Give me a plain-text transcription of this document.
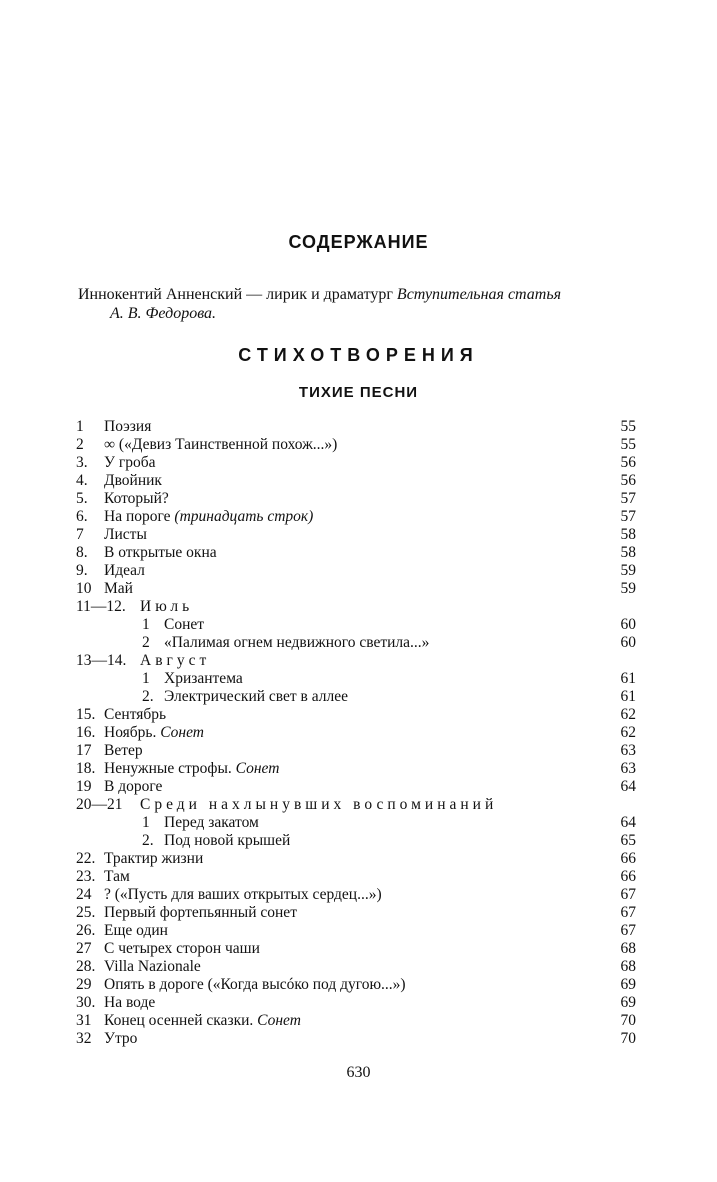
СОДЕРЖАНИЕ
Иннокентий Анненский — лирик и драматург Вступительная статья
А. В. Федорова.
СТИХОТВОРЕНИЯ
ТИХИЕ ПЕСНИ
1 Поэзия	55
2 ∞ («Девиз Таинственной похож...»)	55
3. У гроба	56
4. Двойник	56
5. Который?	57
6. На пороге (тринадцать строк)	57
7 Листы	58
8. В открытые окна	58
9. Идеал	59
10 Май	59
11—12. Июль
1 Сонет	60
2 «Палимая огнем недвижного светила...»	60
13—14. Август
1 Хризантема	61
2. Электрический свет в аллее	61
15. Сентябрь	62
16. Ноябрь. Сонет	62
17 Ветер	63
18. Ненужные строфы. Сонет	63
19 В дороге	64
20—21 Среди нахлынувших воспоминаний
1 Перед закатом	64
2. Под новой крышей	65
22. Трактир жизни	66
23. Там	66
24 ? («Пусть для ваших открытых сердец...»)	67
25. Первый фортепьянный сонет	67
26. Еще один	67
27 С четырех сторон чаши	68
28. Villa Nazionale	68
29 Опять в дороге («Когда высóко под дугою...»)	69
30. На воде	69
31 Конец осенней сказки. Сонет	70
32 Утро	70
630
